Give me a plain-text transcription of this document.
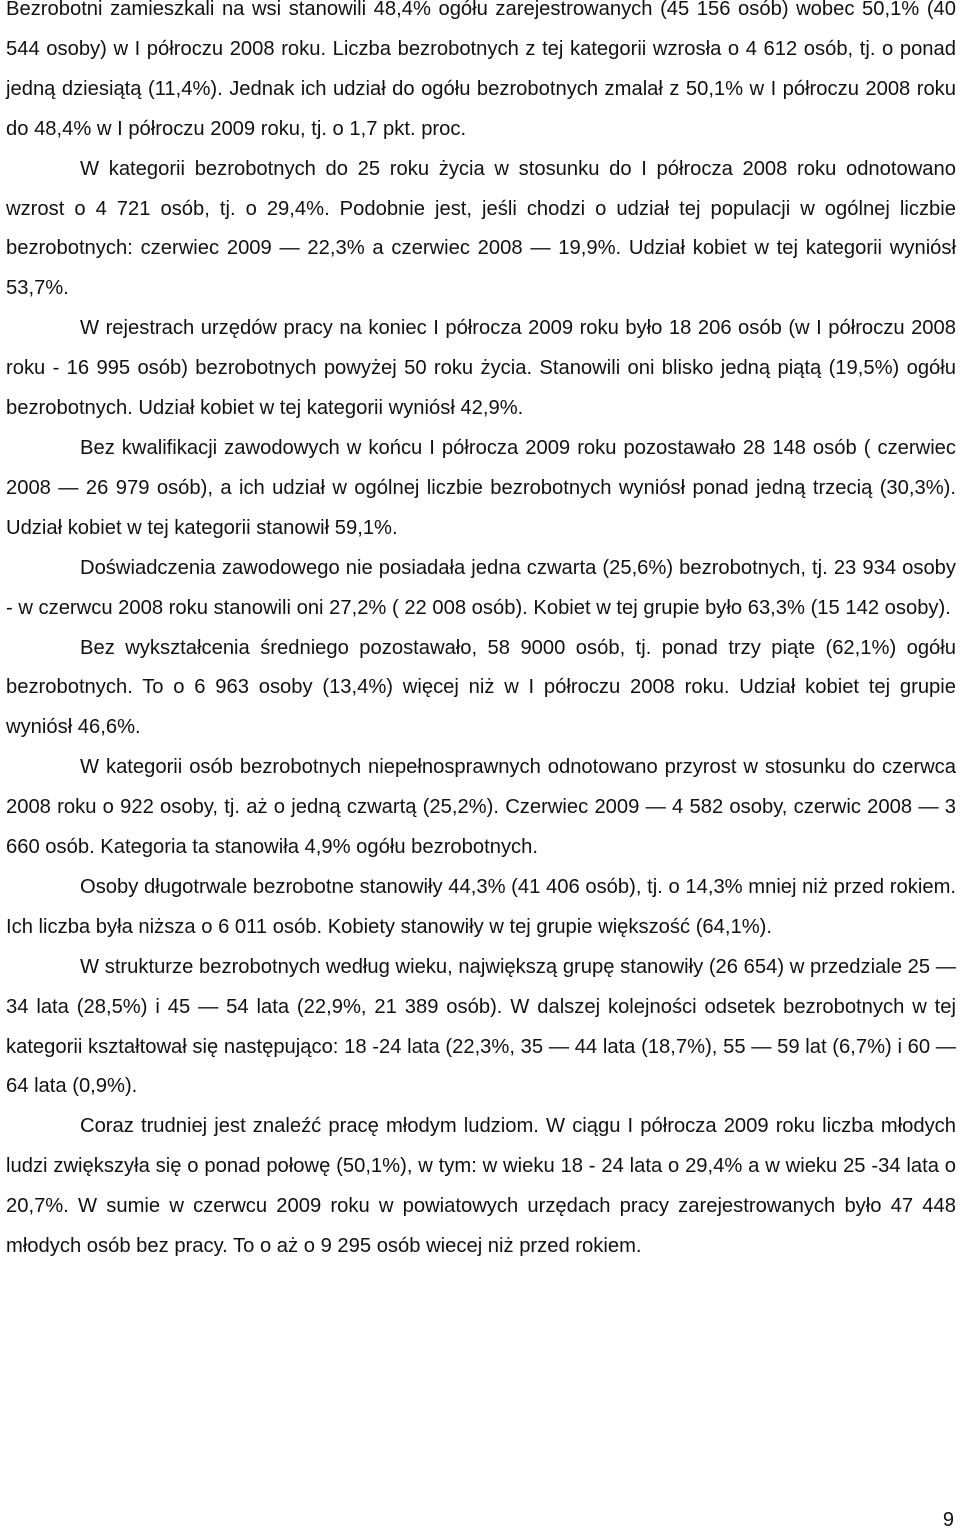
Bezrobotni zamieszkali na wsi stanowili 48,4% ogółu zarejestrowanych (45 156 osób) wobec 50,1% (40 544 osoby) w I półroczu 2008 roku. Liczba bezrobotnych z tej kategorii wzrosła o 4 612 osób, tj. o ponad jedną dziesiątą (11,4%). Jednak ich udział do ogółu bezrobotnych zmalał z 50,1% w I półroczu 2008 roku do 48,4% w I półroczu 2009 roku, tj. o 1,7 pkt. proc.

W kategorii bezrobotnych do 25 roku życia w stosunku do I półrocza 2008 roku odnotowano wzrost o 4 721 osób, tj. o 29,4%. Podobnie jest, jeśli chodzi o udział tej populacji w ogólnej liczbie bezrobotnych: czerwiec 2009 — 22,3% a czerwiec 2008 — 19,9%. Udział kobiet w tej kategorii wyniósł 53,7%.

W rejestrach urzędów pracy na koniec I półrocza 2009 roku było 18 206 osób (w I półroczu 2008 roku - 16 995 osób) bezrobotnych powyżej 50 roku życia. Stanowili oni blisko jedną piątą (19,5%) ogółu bezrobotnych. Udział kobiet w tej kategorii wyniósł 42,9%.

Bez kwalifikacji zawodowych w końcu I półrocza 2009 roku pozostawało 28 148 osób ( czerwiec 2008 — 26 979 osób), a ich udział w ogólnej liczbie bezrobotnych wyniósł ponad jedną trzecią (30,3%). Udział kobiet w tej kategorii stanowił 59,1%.

Doświadczenia zawodowego nie posiadała jedna czwarta (25,6%) bezrobotnych, tj. 23 934 osoby - w czerwcu 2008 roku stanowili oni 27,2% ( 22 008 osób). Kobiet w tej grupie było 63,3% (15 142 osoby).

Bez wykształcenia średniego pozostawało, 58 9000 osób, tj. ponad trzy piąte (62,1%) ogółu bezrobotnych. To o 6 963 osoby (13,4%) więcej niż w I półroczu 2008 roku. Udział kobiet tej grupie wyniósł 46,6%.

W kategorii osób bezrobotnych niepełnosprawnych odnotowano przyrost w stosunku do czerwca 2008 roku o 922 osoby, tj. aż o jedną czwartą (25,2%). Czerwiec 2009 — 4 582 osoby, czerwic 2008 — 3 660 osób. Kategoria ta stanowiła 4,9% ogółu bezrobotnych.

Osoby długotrwale bezrobotne stanowiły 44,3% (41 406 osób), tj. o 14,3% mniej niż przed rokiem. Ich liczba była niższa o 6 011 osób. Kobiety stanowiły w tej grupie większość (64,1%).

W strukturze bezrobotnych według wieku, największą grupę stanowiły (26 654) w przedziale 25 — 34 lata (28,5%) i 45 — 54 lata (22,9%, 21 389 osób). W dalszej kolejności odsetek bezrobotnych w tej kategorii kształtował się następująco: 18 -24 lata (22,3%, 35 — 44 lata (18,7%), 55 — 59 lat (6,7%) i 60 — 64 lata (0,9%).

Coraz trudniej jest znaleźć pracę młodym ludziom. W ciągu I półrocza 2009 roku liczba młodych ludzi zwiększyła się o ponad połowę (50,1%), w tym: w wieku 18 - 24 lata o 29,4% a w wieku 25 -34 lata o 20,7%. W sumie w czerwcu 2009 roku w powiatowych urzędach pracy zarejestrowanych było 47 448 młodych osób bez pracy. To o aż o 9 295 osób wiecej niż przed rokiem.

9
